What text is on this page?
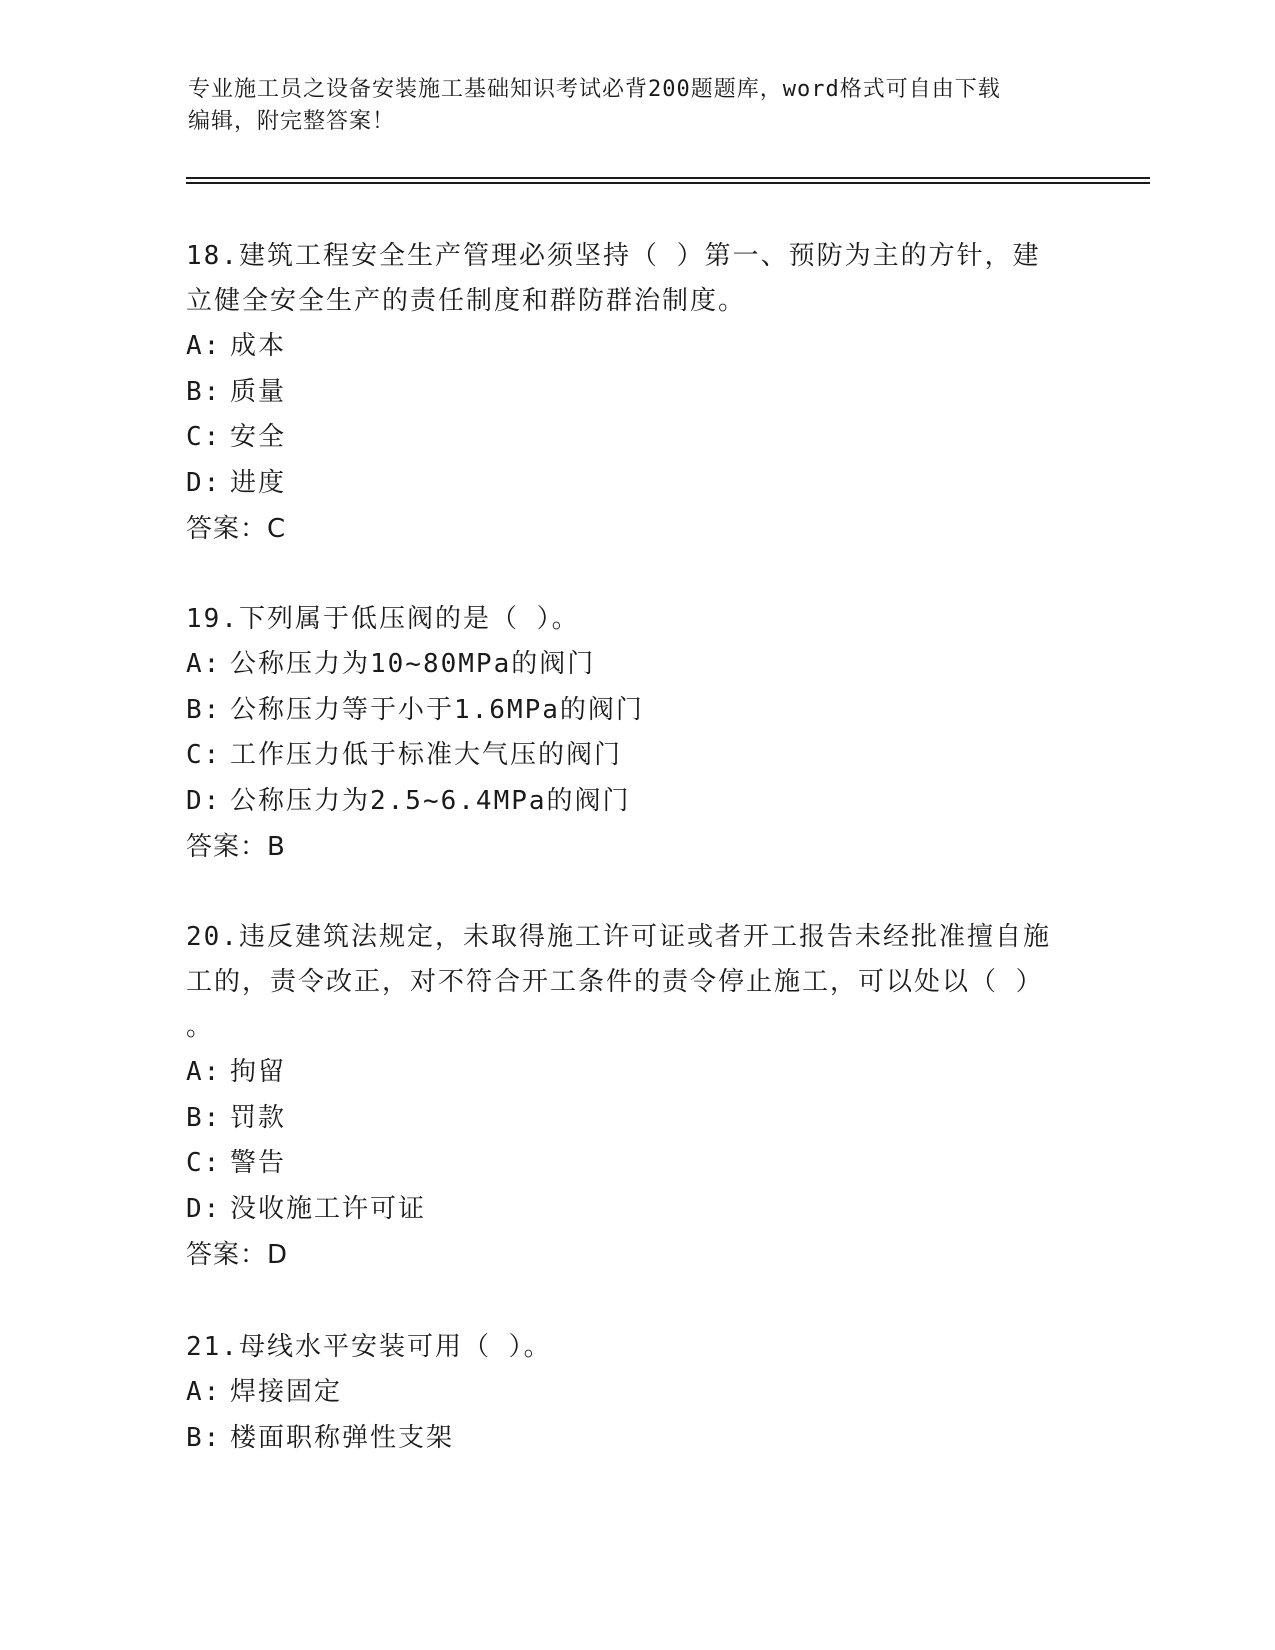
专业施工员之设备安装施工基础知识考试必背200题题库，word格式可自由下载
编辑，附完整答案！

18.建筑工程安全生产管理必须坚持（ ）第一、预防为主的方针，建

立健全安全生产的责任制度和群防群治制度。

A: 成本

B: 质量

C: 安全

D: 进度

答案：C

19.下列属于低压阀的是（ ）。

A: 公称压力为10~80MPa的阀门

B: 公称压力等于小于1.6MPa的阀门

C: 工作压力低于标准大气压的阀门

D: 公称压力为2.5~6.4MPa的阀门

答案：B

20.违反建筑法规定，未取得施工许可证或者开工报告未经批准擅自施

工的，责令改正，对不符合开工条件的责令停止施工，可以处以（ ）

。

A: 拘留

B: 罚款

C: 警告

D: 没收施工许可证

答案：D

21.母线水平安装可用（ ）。

A: 焊接固定

B: 楼面职称弹性支架
